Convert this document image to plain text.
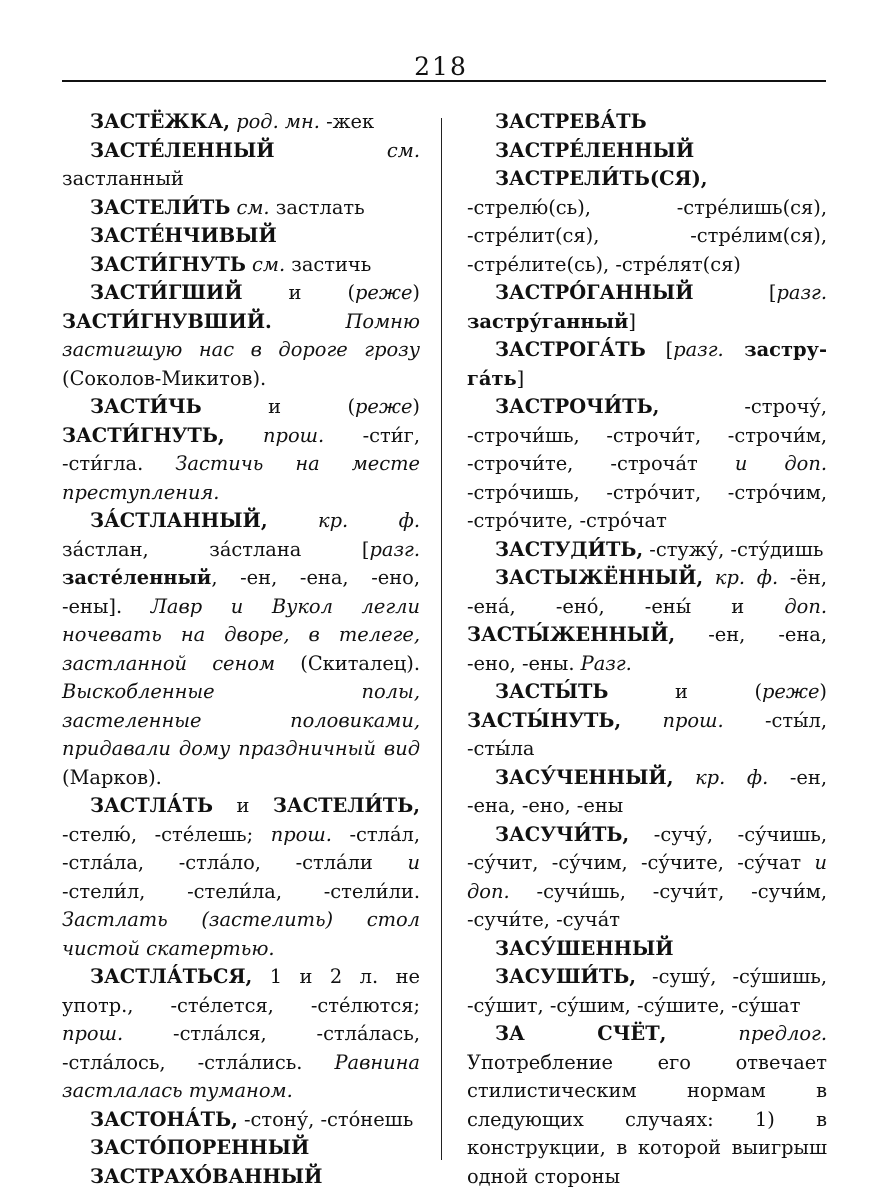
218

ЗАСТЁЖКА, род. мн. -жек

ЗАСТЕ́ЛЕННЫЙ	см. застланный

ЗАСТЕЛИ́ТЬ см. застлать

ЗАСТЕ́НЧИВЫЙ

ЗАСТИ́ГНУТЬ см. застичь

ЗАСТИ́ГШИЙ и (реже) ЗАСТИ́ГНУВШИЙ.	Помню застигшую нас в дороге грозу (Соколов-Микитов).

ЗАСТИ́ЧЬ и (реже) ЗАСТИ́ГНУТЬ, прош. -сти́г, -сти́гла. Застичь на месте преступления.

ЗА́СТЛАННЫЙ,	кр. ф. за́стлан, за́стлана [разг. засте́ленный, -ен, -ена, -ено, -ены]. Лавр и Вукол легли ночевать на дворе, в телеге, застланной сеном (Скиталец). Выскобленные полы, застеленные половиками, придавали дому праздничный вид (Марков).

ЗАСТЛА́ТЬ и ЗАСТЕЛИ́ТЬ, -стелю́, -сте́лешь; прош. -стла́л, -стла́ла, -стла́ло, -стла́ли и -стели́л, -стели́ла, -стели́ли. Застлать (застелить) стол чистой скатертью.

ЗАСТЛА́ТЬСЯ, 1 и 2 л. не употр., -сте́лется, -сте́лются; прош. -стла́лся, -стла́лась, -стла́лось, -стла́лись. Равнина застлалась туманом.

ЗАСТОНА́ТЬ, -стону́, -сто́нешь

ЗАСТО́ПОРЕННЫЙ

ЗАСТРАХО́ВАННЫЙ

ЗАСТРЕВА́ТЬ

ЗАСТРЕ́ЛЕННЫЙ

ЗАСТРЕЛИ́ТЬ(СЯ), -стрелю́(сь), -стре́лишь(ся), -стре́лит(ся), -стре́лим(ся), -стре́лите(сь), -стре́лят(ся)

ЗАСТРО́ГАННЫЙ [разг. застру́ганный]

ЗАСТРОГА́ТЬ [разг. заструга́ть]

ЗАСТРОЧИ́ТЬ, -строчу́, -строчи́шь, -строчи́т, -строчи́м, -строчи́те, -строча́т и доп. -стро́чишь, -стро́чит, -стро́чим, -стро́чите, -стро́чат

ЗАСТУДИ́ТЬ, -стужу́, -сту́дишь

ЗАСТЫЖЁННЫЙ, кр. ф. -ён, -ена́, -ено́, -ены́ и доп. ЗАСТЫ́ЖЕННЫЙ, -ен, -ена, -ено, -ены. Разг.

ЗАСТЫ́ТЬ и (реже) ЗАСТЫ́НУТЬ, прош. -сты́л, -сты́ла

ЗАСУ́ЧЕННЫЙ, кр. ф. -ен, -ена, -ено, -ены

ЗАСУЧИ́ТЬ, -сучу́, -су́чишь, -су́чит, -су́чим, -су́чите, -су́чат и доп. -сучи́шь, -сучи́т, -сучи́м, -сучи́те, -суча́т

ЗАСУ́ШЕННЫЙ

ЗАСУШИ́ТЬ, -сушу́, -су́шишь, -су́шит, -су́шим, -су́шите, -су́шат

ЗА СЧЁТ,	предлог. Употребление его отвечает стилистическим нормам в следующих случаях: 1) в конструкции, в которой выигрыш одной стороны
